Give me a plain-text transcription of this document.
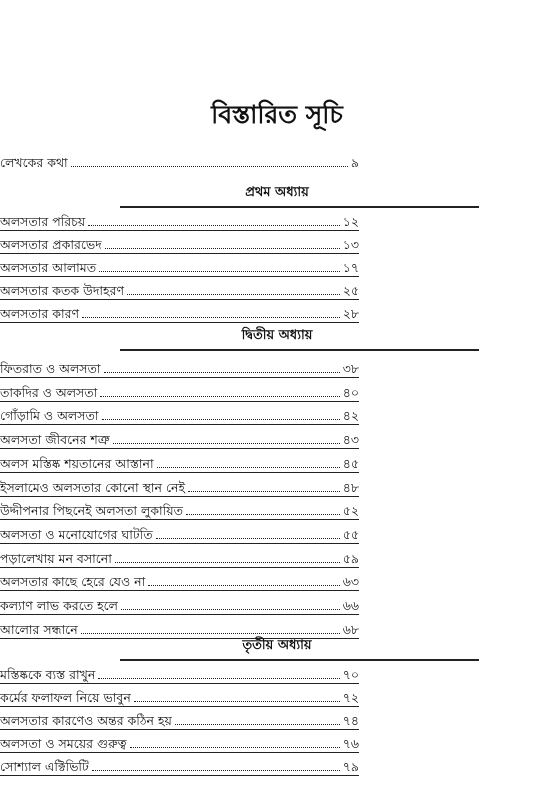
বিস্তারিত সূচি
লেখকের কথা	৯
অলসতার পরিচয়	১২
অলসতার প্রকারভেদ	১৩
অলসতার আলামত	১৭
অলসতার কতক উদাহরণ	২৫
অলসতার কারণ	২৮
ফিতরাত ও অলসতা	৩৮
তাকদির ও অলসতা	৪০
গোঁড়ামি ও অলসতা	৪২
অলসতা জীবনের শত্রু	৪৩
অলস মস্তিষ্ক শয়তানের আস্তানা	৪৫
ইসলামেও অলসতার কোনো স্থান নেই	৪৮
উদ্দীপনার পিছনেই অলসতা লুকায়িত	৫২
অলসতা ও মনোযোগের ঘাটতি	৫৫
পড়ালেখায় মন বসানো	৫৯
অলসতার কাছে হেরে যেও না	৬৩
কল্যাণ লাভ করতে হলে	৬৬
আলোর সন্ধানে	৬৮
মস্তিষ্ককে ব্যস্ত রাখুন	৭০
কর্মের ফলাফল নিয়ে ভাবুন	৭২
অলসতার কারণেও অন্তর কঠিন হয়	৭৪
অলসতা ও সময়ের গুরুত্ব	৭৬
সোশ্যাল এক্টিভিটি	৭৯
প্রথম অধ্যায়
দ্বিতীয় অধ্যায়
তৃতীয় অধ্যায়
